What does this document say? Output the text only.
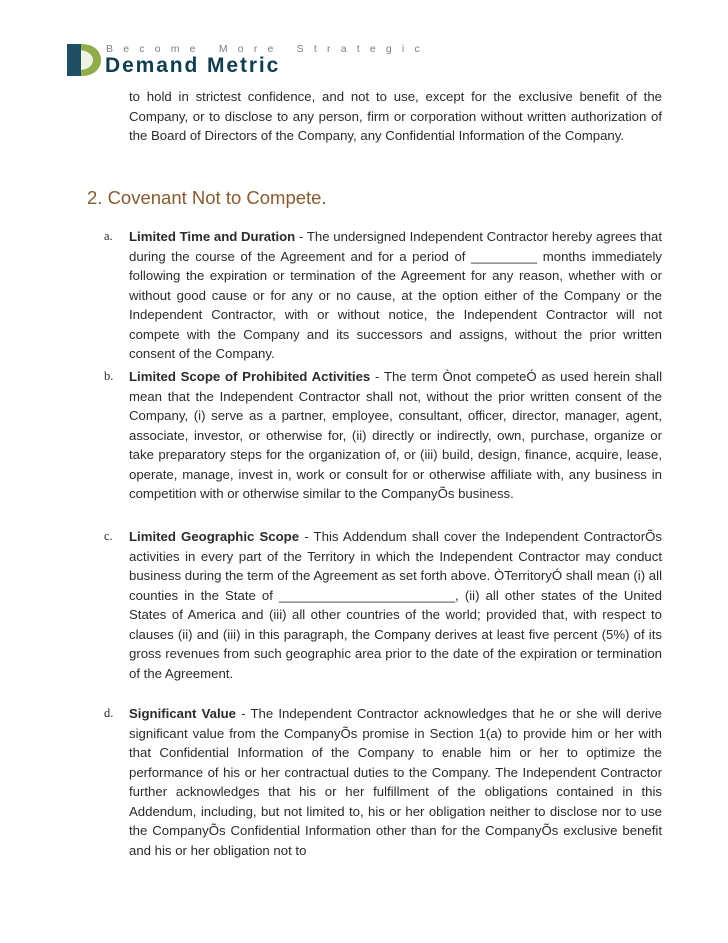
Become More Strategic
Demand Metric

to hold in strictest confidence, and not to use, except for the exclusive benefit of the Company, or to disclose to any person, firm or corporation without written authorization of the Board of Directors of the Company, any Confidential Information of the Company.

2. Covenant Not to Compete.
a.	Limited Time and Duration - The undersigned Independent Contractor hereby agrees that during the course of the Agreement and for a period of _________ months immediately following the expiration or termination of the Agreement for any reason, whether with or without good cause or for any or no cause, at the option either of the Company or the Independent Contractor, with or without notice, the Independent Contractor will not compete with the Company and its successors and assigns, without the prior written consent of the Company.

b.	Limited Scope of Prohibited Activities - The term Ònot competeÓ as used herein shall mean that the Independent Contractor shall not, without the prior written consent of the Company, (i) serve as a partner, employee, consultant, officer, director, manager, agent, associate, investor, or otherwise for, (ii) directly or indirectly, own, purchase, organize or take preparatory steps for the organization of, or (iii) build, design, finance, acquire, lease, operate, manage, invest in, work or consult for or otherwise affiliate with, any business in competition with or otherwise similar to the CompanyÕs business.

c.	Limited Geographic Scope - This Addendum shall cover the Independent ContractorÕs activities in every part of the Territory in which the Independent Contractor may conduct business during the term of the Agreement as set forth above. ÒTerritoryÓ shall mean (i) all counties in the State of ________________________, (ii) all other states of the United States of America and (iii) all other countries of the world; provided that, with respect to clauses (ii) and (iii) in this paragraph, the Company derives at least five percent (5%) of its gross revenues from such geographic area prior to the date of the expiration or termination of the Agreement.

d.	Significant Value - The Independent Contractor acknowledges that he or she will derive significant value from the CompanyÕs promise in Section 1(a) to provide him or her with that Confidential Information of the Company to enable him or her to optimize the performance of his or her contractual duties to the Company. The Independent Contractor further acknowledges that his or her fulfillment of the obligations contained in this Addendum, including, but not limited to, his or her obligation neither to disclose nor to use the CompanyÕs Confidential Information other than for the CompanyÕs exclusive benefit and his or her obligation not to
